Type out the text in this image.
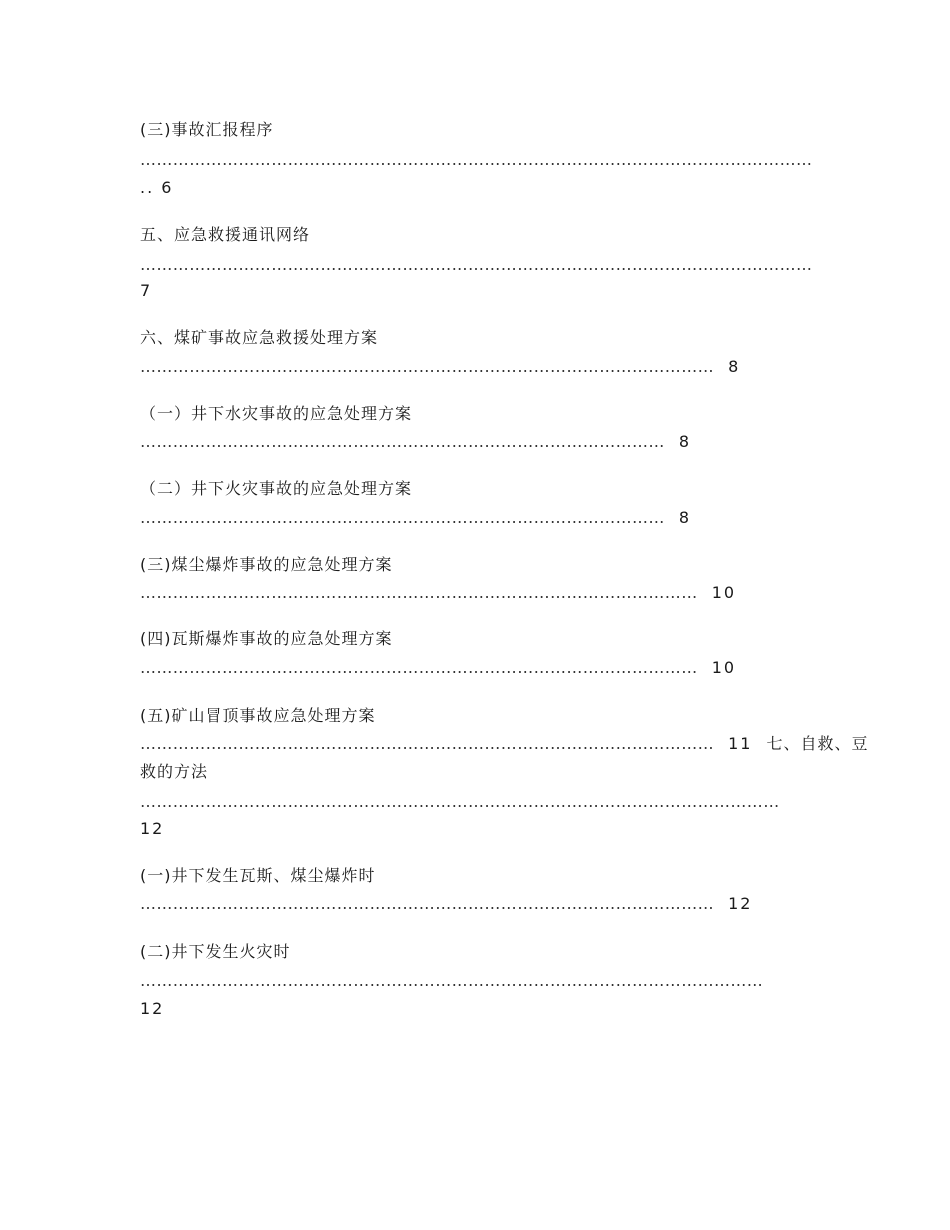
(三)事故汇报程序
……………………………………………………………………………………………………………
.. 6
五、应急救援通讯网络
……………………………………………………………………………………………………………
7
六、煤矿事故应急救援处理方案
…………………………………………………………………………………………… 8
（一）井下水灾事故的应急处理方案
…………………………………………………………………………………… 8
（二）井下火灾事故的应急处理方案
…………………………………………………………………………………… 8
(三)煤尘爆炸事故的应急处理方案
………………………………………………………………………………………… 10
(四)瓦斯爆炸事故的应急处理方案
………………………………………………………………………………………… 10
(五)矿山冒顶事故应急处理方案
…………………………………………………………………………………………… 11 七、自救、豆
救的方法
………………………………………………………………………………………………………
12
(一)井下发生瓦斯、煤尘爆炸时
…………………………………………………………………………………………… 12
(二)井下发生火灾时
……………………………………………………………………………………………………
12
